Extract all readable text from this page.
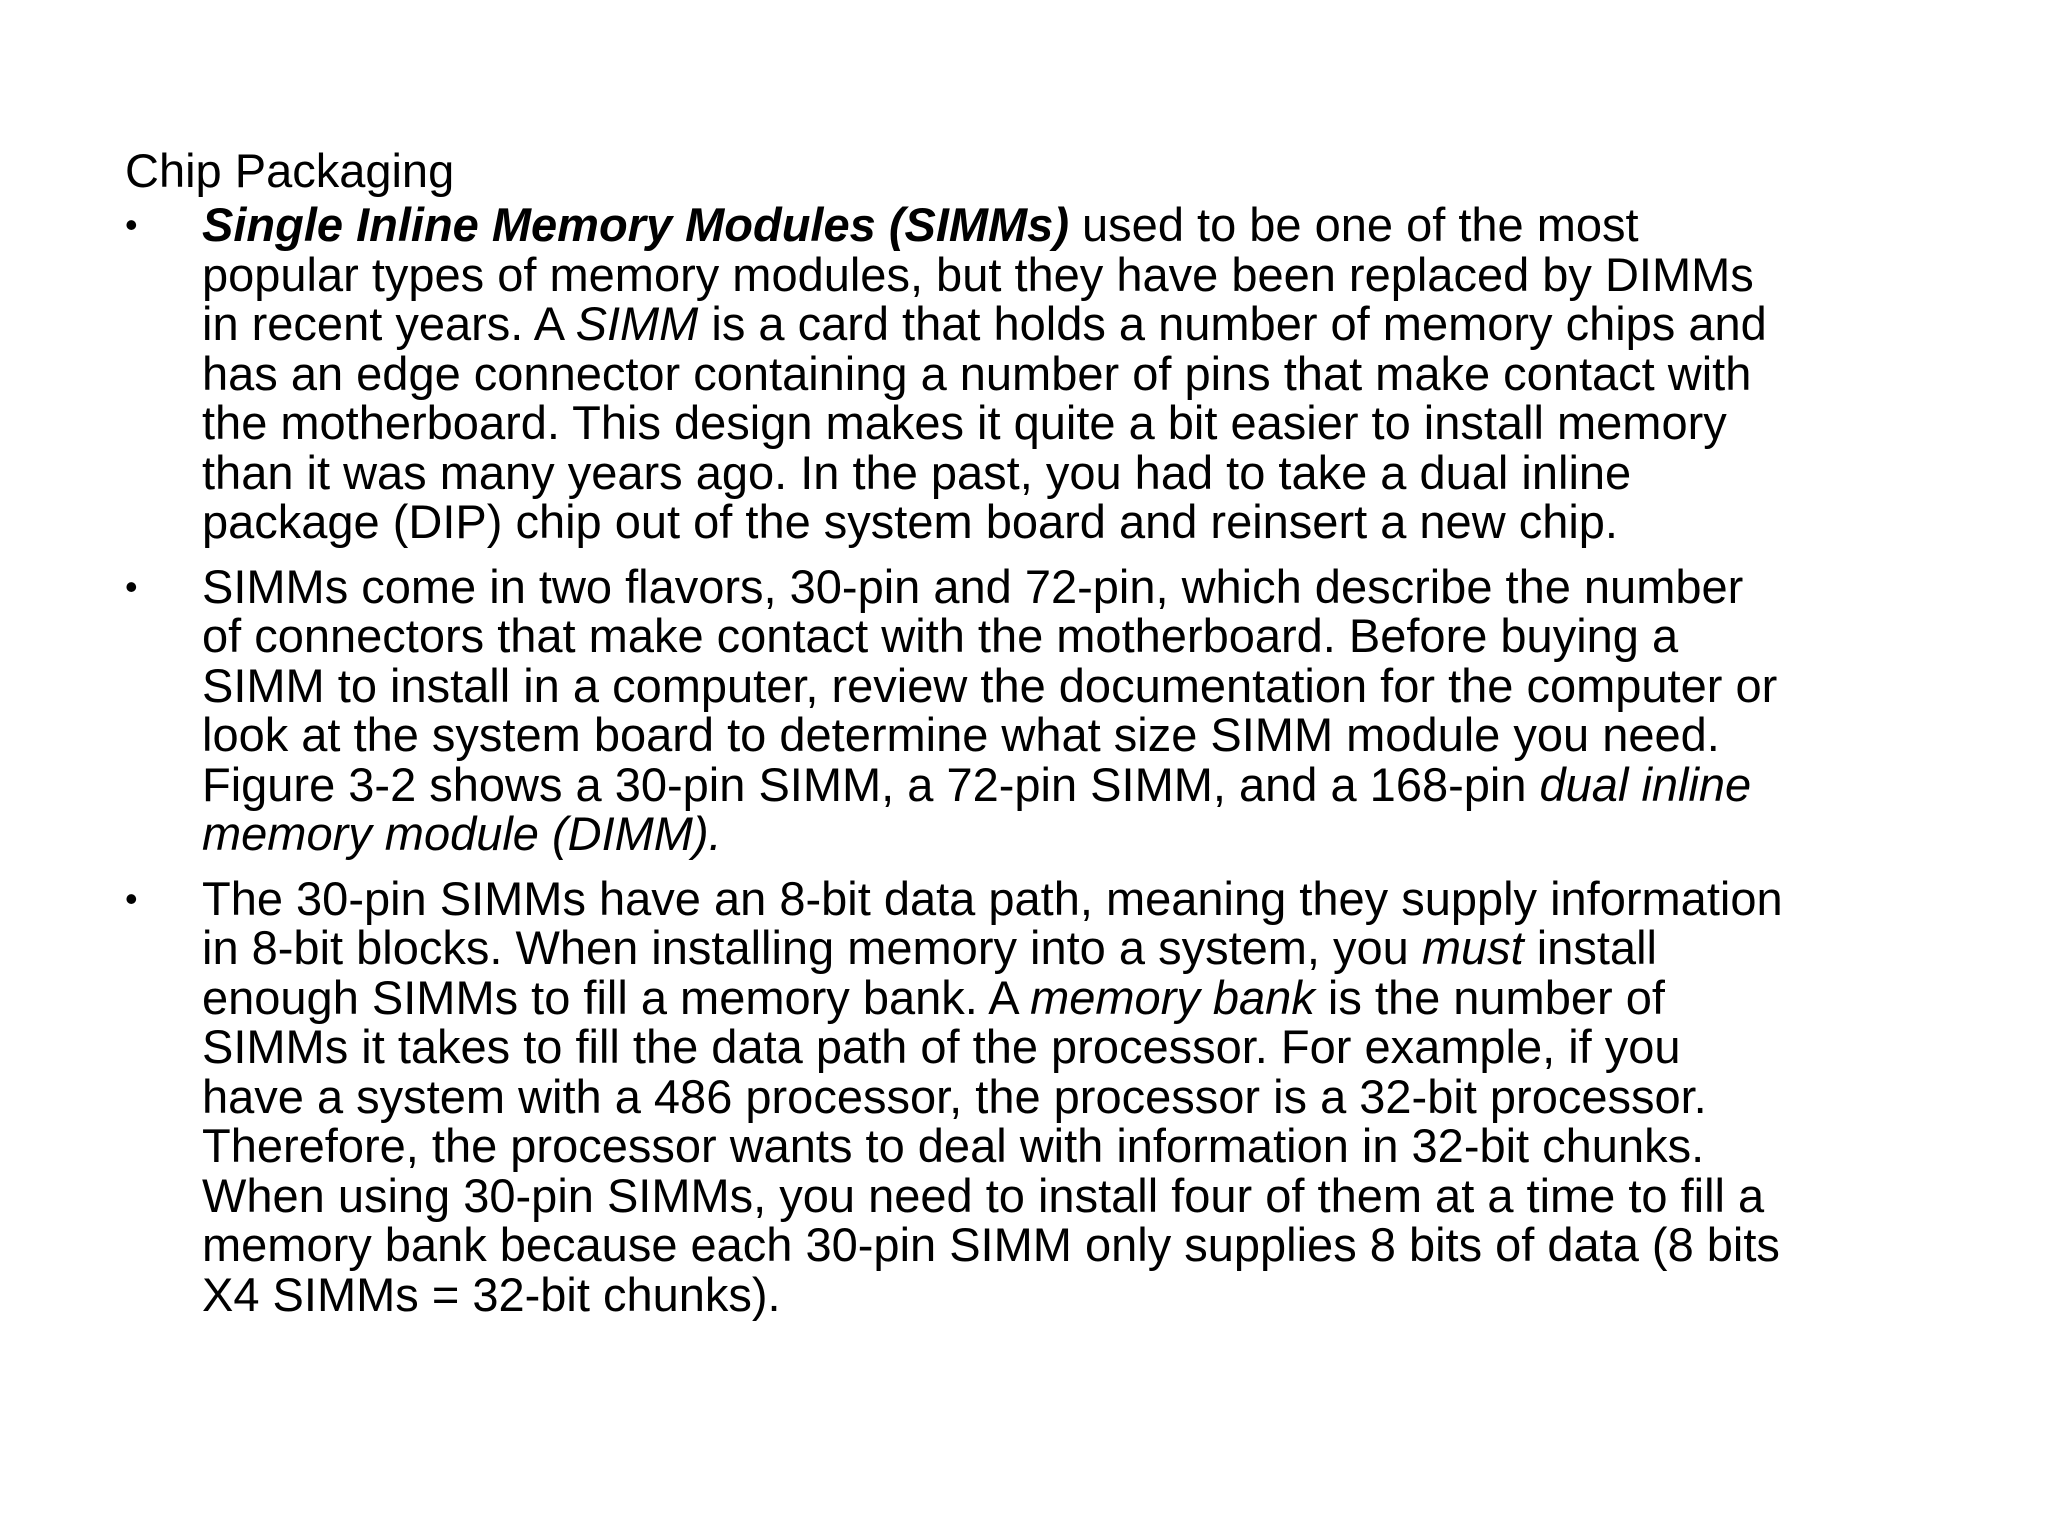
Chip Packaging
•	Single Inline Memory Modules (SIMMs) used to be one of the most
popular types of memory modules, but they have been replaced by DIMMs
in recent years. A SIMM is a card that holds a number of memory chips and
has an edge connector containing a number of pins that make contact with
the motherboard. This design makes it quite a bit easier to install memory
than it was many years ago. In the past, you had to take a dual inline
package (DIP) chip out of the system board and reinsert a new chip.
•	SIMMs come in two flavors, 30-pin and 72-pin, which describe the number
of connectors that make contact with the motherboard. Before buying a
SIMM to install in a computer, review the documentation for the computer or
look at the system board to determine what size SIMM module you need.
Figure 3-2 shows a 30-pin SIMM, a 72-pin SIMM, and a 168-pin dual inline
memory module (DIMM).
•	The 30-pin SIMMs have an 8-bit data path, meaning they supply information
in 8-bit blocks. When installing memory into a system, you must install
enough SIMMs to fill a memory bank. A memory bank is the number of
SIMMs it takes to fill the data path of the processor. For example, if you
have a system with a 486 processor, the processor is a 32-bit processor.
Therefore, the processor wants to deal with information in 32-bit chunks.
When using 30-pin SIMMs, you need to install four of them at a time to fill a
memory bank because each 30-pin SIMM only supplies 8 bits of data (8 bits
X4 SIMMs = 32-bit chunks).
